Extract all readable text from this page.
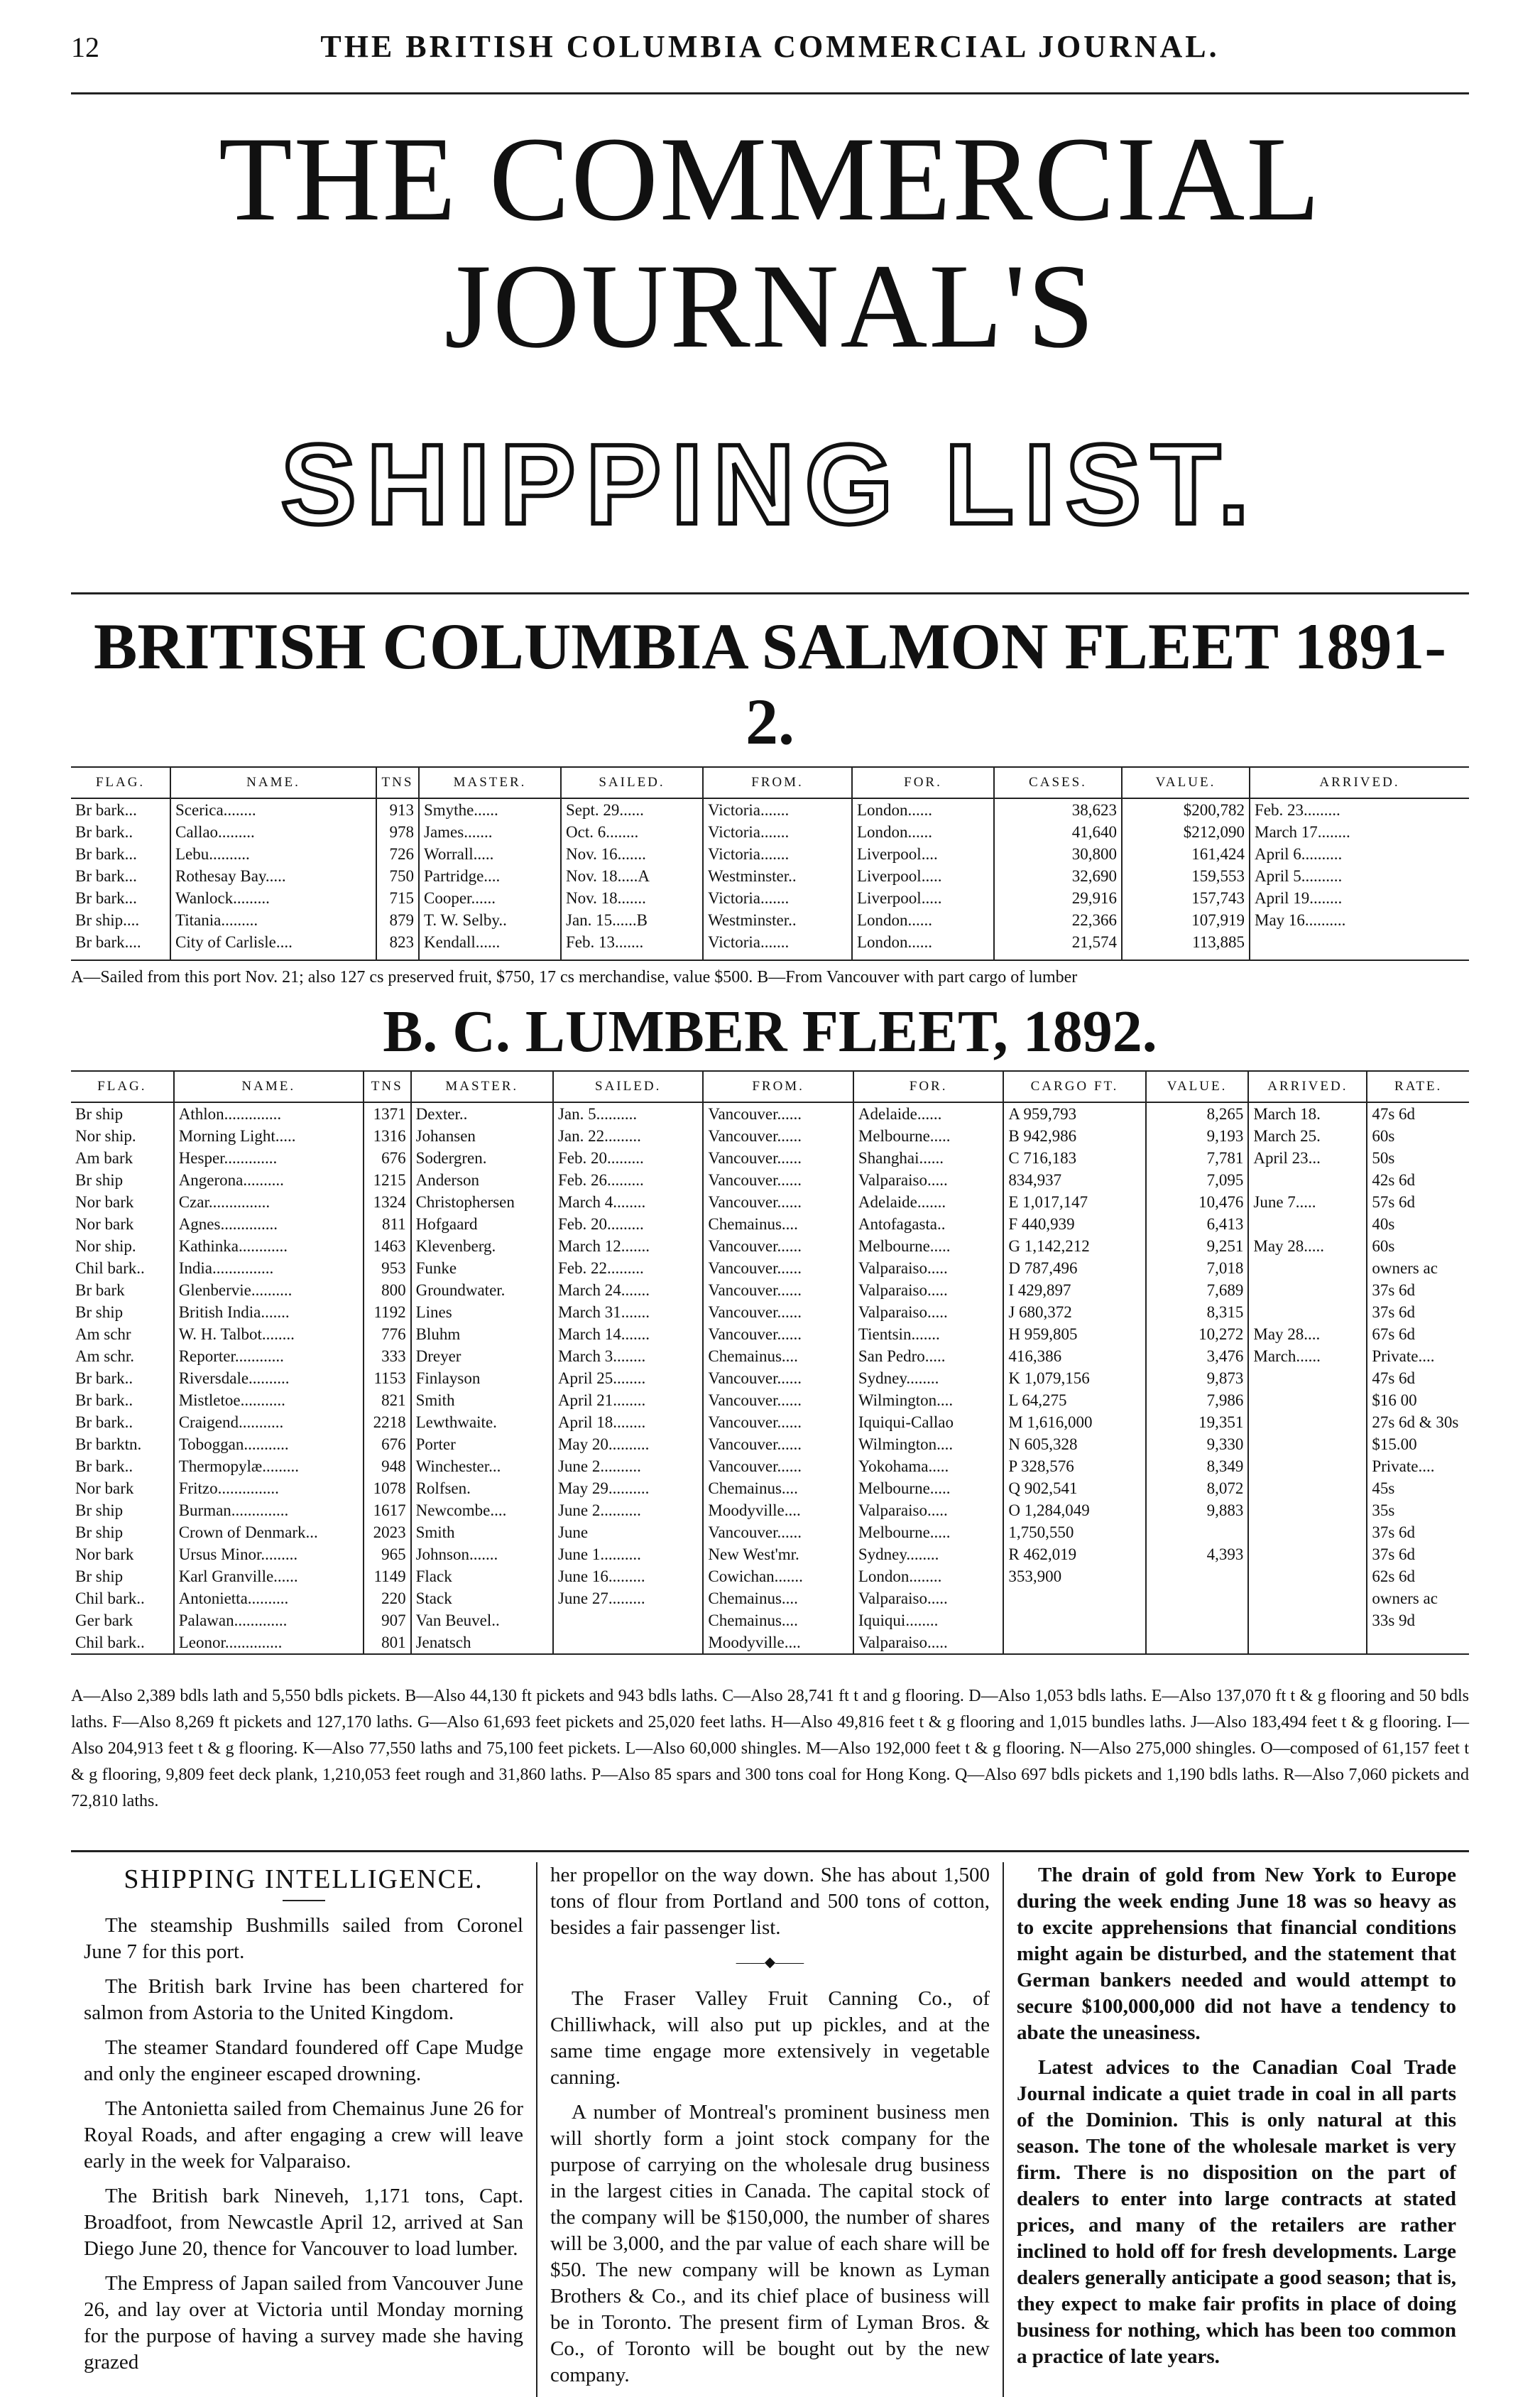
12	THE BRITISH COLUMBIA COMMERCIAL JOURNAL.
THE COMMERCIAL JOURNAL'S
SHIPPING LIST.
BRITISH COLUMBIA SALMON FLEET 1891-2.
FLAG.	NAME.	TNS	MASTER.	SAILED.	FROM.	FOR.	CASES.	VALUE.	ARRIVED.
Br bark...	Scerica........	913	Smythe......	Sept. 29......	Victoria.......	London......	38,623	$200,782	Feb. 23.........
Br bark..	Callao.........	978	James.......	Oct. 6........	Victoria.......	London......	41,640	$212,090	March 17........
Br bark...	Lebu..........	726	Worrall.....	Nov. 16.......	Victoria.......	Liverpool....	30,800	161,424	April 6..........
Br bark...	Rothesay Bay.....	750	Partridge....	Nov. 18.....A	Westminster..	Liverpool.....	32,690	159,553	April 5..........
Br bark...	Wanlock.........	715	Cooper......	Nov. 18.......	Victoria.......	Liverpool.....	29,916	157,743	April 19........
Br ship....	Titania.........	879	T. W. Selby..	Jan. 15......B	Westminster..	London......	22,366	107,919	May 16..........
Br bark....	City of Carlisle....	823	Kendall......	Feb. 13.......	Victoria.......	London......	21,574	113,885	
A—Sailed from this port Nov. 21; also 127 cs preserved fruit, $750, 17 cs merchandise, value $500. B—From Vancouver with part cargo of lumber
B. C. LUMBER FLEET, 1892.
FLAG.	NAME.	TNS	MASTER.	SAILED.	FROM.	FOR.	CARGO FT.	VALUE.	ARRIVED.	RATE.
Br ship	Athlon..............	1371	Dexter..	Jan. 5..........	Vancouver......	Adelaide......	A 959,793	8,265	March 18.	47s 6d
Nor ship.	Morning Light.....	1316	Johansen	Jan. 22.........	Vancouver......	Melbourne.....	B 942,986	9,193	March 25.	60s
Am bark	Hesper.............	676	Sodergren.	Feb. 20.........	Vancouver......	Shanghai......	C 716,183	7,781	April 23...	50s
Br ship	Angerona..........	1215	Anderson	Feb. 26.........	Vancouver......	Valparaiso.....	834,937	7,095		42s 6d
Nor bark	Czar...............	1324	Christophersen	March 4........	Vancouver......	Adelaide.......	E 1,017,147	10,476	June 7.....	57s 6d
Nor bark	Agnes..............	811	Hofgaard	Feb. 20.........	Chemainus....	Antofagasta..	F 440,939	6,413		40s
Nor ship.	Kathinka............	1463	Klevenberg.	March 12.......	Vancouver......	Melbourne.....	G 1,142,212	9,251	May 28.....	60s
Chil bark..	India...............	953	Funke	Feb. 22.........	Vancouver......	Valparaiso.....	D 787,496	7,018		owners ac
Br bark	Glenbervie..........	800	Groundwater.	March 24.......	Vancouver......	Valparaiso.....	I 429,897	7,689		37s 6d
Br ship	British India.......	1192	Lines	March 31.......	Vancouver......	Valparaiso.....	J 680,372	8,315		37s 6d
Am schr	W. H. Talbot........	776	Bluhm	March 14.......	Vancouver......	Tientsin.......	H 959,805	10,272	May 28....	67s 6d
Am schr.	Reporter............	333	Dreyer	March 3........	Chemainus....	San Pedro.....	416,386	3,476	March......	Private....
Br bark..	Riversdale..........	1153	Finlayson	April 25........	Vancouver......	Sydney........	K 1,079,156	9,873		47s 6d
Br bark..	Mistletoe...........	821	Smith	April 21........	Vancouver......	Wilmington....	L 64,275	7,986		$16 00
Br bark..	Craigend...........	2218	Lewthwaite.	April 18........	Vancouver......	Iquiqui-Callao	M 1,616,000	19,351		27s 6d & 30s
Br barktn.	Toboggan...........	676	Porter	May 20..........	Vancouver......	Wilmington....	N 605,328	9,330		$15.00
Br bark..	Thermopylæ.........	948	Winchester...	June 2..........	Vancouver......	Yokohama.....	P 328,576	8,349		Private....
Nor bark	Fritzo...............	1078	Rolfsen.	May 29..........	Chemainus....	Melbourne.....	Q 902,541	8,072		45s
Br ship	Burman..............	1617	Newcombe....	June 2..........	Moodyville....	Valparaiso.....	O 1,284,049	9,883		35s
Br ship	Crown of Denmark...	2023	Smith	June	Vancouver......	Melbourne.....	1,750,550			37s 6d
Nor bark	Ursus Minor.........	965	Johnson.......	June 1..........	New West'mr.	Sydney........	R 462,019	4,393		37s 6d
Br ship	Karl Granville......	1149	Flack	June 16.........	Cowichan.......	London........	353,900			62s 6d
Chil bark..	Antonietta..........	220	Stack	June 27.........	Chemainus....	Valparaiso.....				owners ac
Ger bark	Palawan.............	907	Van Beuvel..		Chemainus....	Iquiqui........				33s 9d
Chil bark..	Leonor..............	801	Jenatsch		Moodyville....	Valparaiso.....				
A—Also 2,389 bdls lath and 5,550 bdls pickets. B—Also 44,130 ft pickets and 943 bdls laths. C—Also 28,741 ft t and g flooring. D—Also 1,053 bdls laths. E—Also 137,070 ft t & g flooring and 50 bdls laths. F—Also 8,269 ft pickets and 127,170 laths. G—Also 61,693 feet pickets and 25,020 feet laths. H—Also 49,816 feet t & g flooring and 1,015 bundles laths. J—Also 183,494 feet t & g flooring. I—Also 204,913 feet t & g flooring. K—Also 77,550 laths and 75,100 feet pickets. L—Also 60,000 shingles. M—Also 192,000 feet t & g flooring. N—Also 275,000 shingles. O—composed of 61,157 feet t & g flooring, 9,809 feet deck plank, 1,210,053 feet rough and 31,860 laths. P—Also 85 spars and 300 tons coal for Hong Kong. Q—Also 697 bdls pickets and 1,190 bdls laths. R—Also 7,060 pickets and 72,810 laths.
SHIPPING INTELLIGENCE.

The steamship Bushmills sailed from Coronel June 7 for this port.

The British bark Irvine has been chartered for salmon from Astoria to the United Kingdom.

The steamer Standard foundered off Cape Mudge and only the engineer escaped drowning.

The Antonietta sailed from Chemainus June 26 for Royal Roads, and after engaging a crew will leave early in the week for Valparaiso.

The British bark Nineveh, 1,171 tons, Capt. Broadfoot, from Newcastle April 12, arrived at San Diego June 20, thence for Vancouver to load lumber.

The Empress of Japan sailed from Vancouver June 26, and lay over at Victoria until Monday morning for the purpose of having a survey made she having grazed

her propellor on the way down. She has about 1,500 tons of flour from Portland and 500 tons of cotton, besides a fair passenger list.

——◆——

The Fraser Valley Fruit Canning Co., of Chilliwhack, will also put up pickles, and at the same time engage more extensively in vegetable canning.

A number of Montreal's prominent business men will shortly form a joint stock company for the purpose of carrying on the wholesale drug business in the largest cities in Canada. The capital stock of the company will be $150,000, the number of shares will be 3,000, and the par value of each share will be $50. The new company will be known as Lyman Brothers & Co., and its chief place of business will be in Toronto. The present firm of Lyman Bros. & Co., of Toronto will be bought out by the new company.

The drain of gold from New York to Europe during the week ending June 18 was so heavy as to excite apprehensions that financial conditions might again be disturbed, and the statement that German bankers needed and would attempt to secure $100,000,000 did not have a tendency to abate the uneasiness.

Latest advices to the Canadian Coal Trade Journal indicate a quiet trade in coal in all parts of the Dominion. This is only natural at this season. The tone of the wholesale market is very firm. There is no disposition on the part of dealers to enter into large contracts at stated prices, and many of the retailers are rather inclined to hold off for fresh developments. Large dealers generally anticipate a good season; that is, they expect to make fair profits in place of doing business for nothing, which has been too common a practice of late years.
